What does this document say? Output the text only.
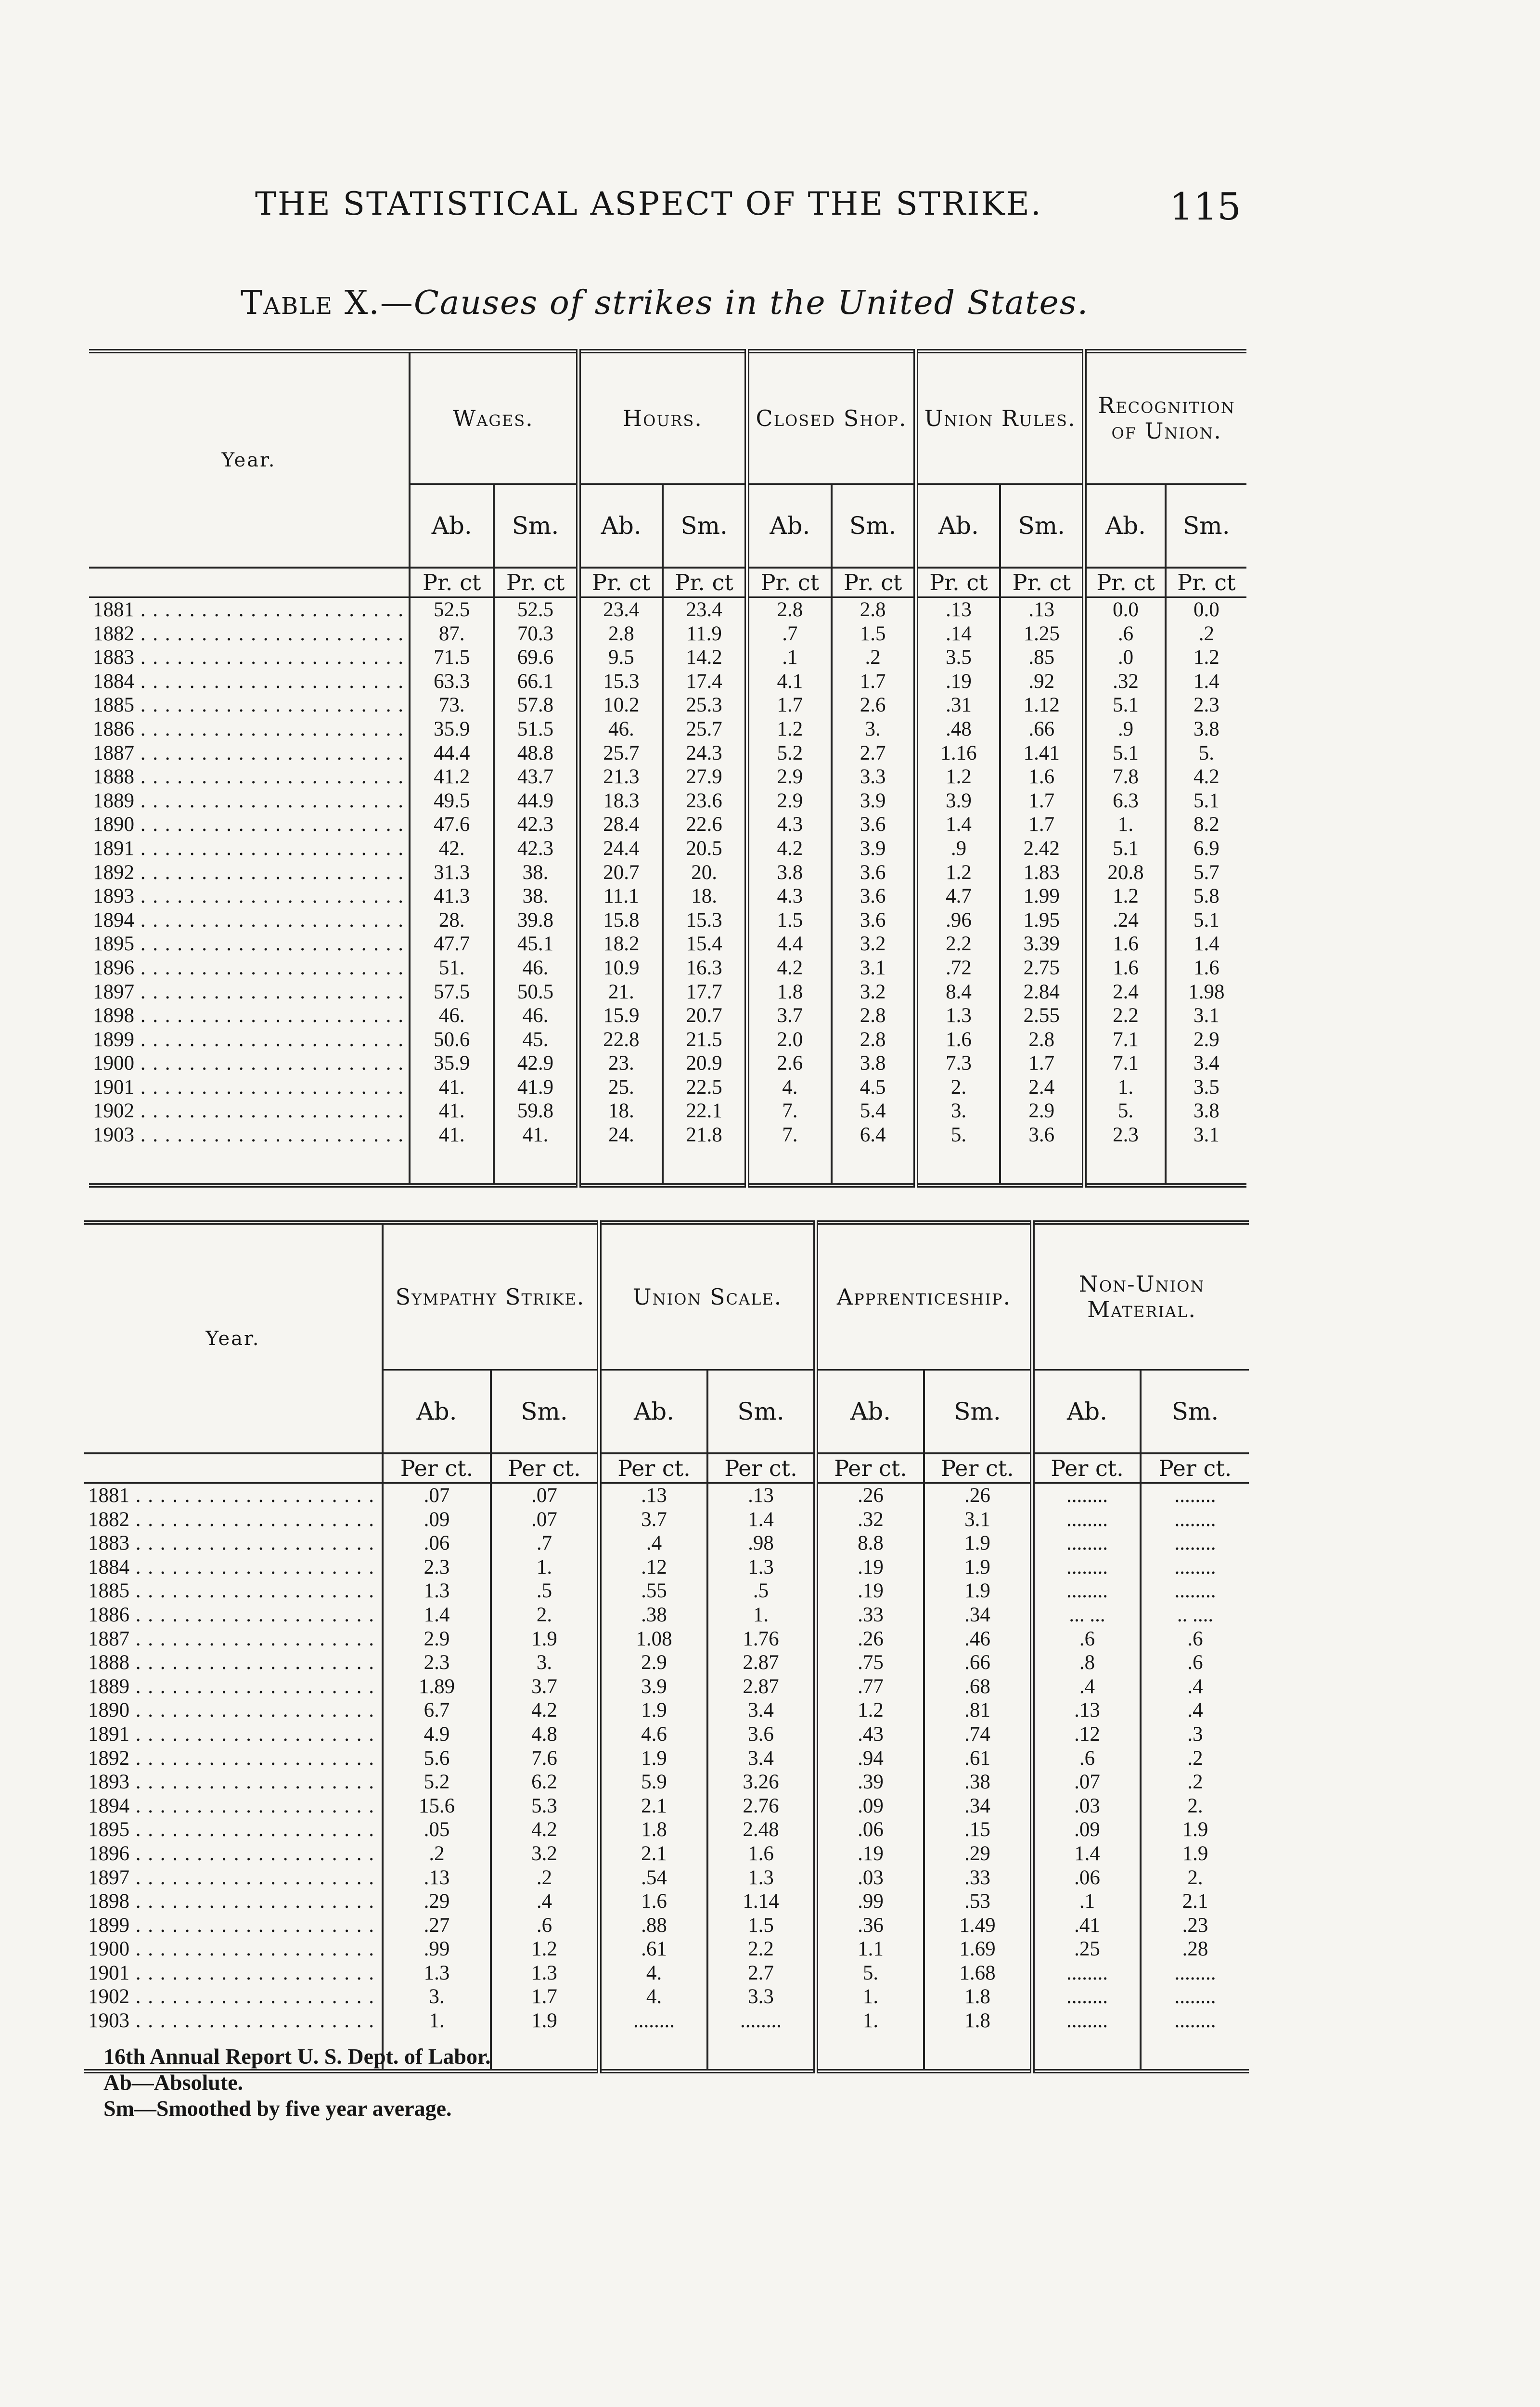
THE STATISTICAL ASPECT OF THE STRIKE.	115
Table X.—Causes of strikes in the United States.
Year.	Wages.		Hours.		Closed Shop.		Union Rules.		Recognition of Union.	
	Ab.	Sm.	Ab.	Sm.	Ab.	Sm.	Ab.	Sm.	Ab.	Sm.
	Pr. ct	Pr. ct	Pr. ct	Pr. ct	Pr. ct	Pr. ct	Pr. ct	Pr. ct	Pr. ct	Pr. ct
1881 . . .	52.5	52.5	23.4	23.4	2.8	2.8	.13	.13	0.0	0.0
1882 . . .	87.	70.3	2.8	11.9	.7	1.5	.14	1.25	.6	.2
1883 . . .	71.5	69.6	9.5	14.2	.1	.2	3.5	.85	.0	1.2
1884 . . .	63.3	66.1	15.3	17.4	4.1	1.7	.19	.92	.32	1.4
1885 . . .	73.	57.8	10.2	25.3	1.7	2.6	.31	1.12	5.1	2.3
1886 . . .	35.9	51.5	46.	25.7	1.2	3.	.48	.66	.9	3.8
1887 . . .	44.4	48.8	25.7	24.3	5.2	2.7	1.16	1.41	5.1	5.
1888 . . .	41.2	43.7	21.3	27.9	2.9	3.3	1.2	1.6	7.8	4.2
1889 . . .	49.5	44.9	18.3	23.6	2.9	3.9	3.9	1.7	6.3	5.1
1890 . . .	47.6	42.3	28.4	22.6	4.3	3.6	1.4	1.7	1.	8.2
1891 . . .	42.	42.3	24.4	20.5	4.2	3.9	.9	2.42	5.1	6.9
1892 . . .	31.3	38.	20.7	20.	3.8	3.6	1.2	1.83	20.8	5.7
1893 . . .	41.3	38.	11.1	18.	4.3	3.6	4.7	1.99	1.2	5.8
1894 . . .	28.	39.8	15.8	15.3	1.5	3.6	.96	1.95	.24	5.1
1895 . . .	47.7	45.1	18.2	15.4	4.4	3.2	2.2	3.39	1.6	1.4
1896 . . .	51.	46.	10.9	16.3	4.2	3.1	.72	2.75	1.6	1.6
1897 . . .	57.5	50.5	21.	17.7	1.8	3.2	8.4	2.84	2.4	1.98
1898 . . .	46.	46.	15.9	20.7	3.7	2.8	1.3	2.55	2.2	3.1
1899 . . .	50.6	45.	22.8	21.5	2.0	2.8	1.6	2.8	7.1	2.9
1900 . . .	35.9	42.9	23.	20.9	2.6	3.8	7.3	1.7	7.1	3.4
1901 . . .	41.	41.9	25.	22.5	4.	4.5	2.	2.4	1.	3.5
1902 . . .	41.	59.8	18.	22.1	7.	5.4	3.	2.9	5.	3.8
1903 . . .	41.	41.	24.	21.8	7.	6.4	5.	3.6	2.3	3.1

Year.	Sympathy Strike.		Union Scale.		Apprenticeship.		Non-Union Material.	
	Ab.	Sm.	Ab.	Sm.	Ab.	Sm.	Ab.	Sm.
	Per ct.	Per ct.	Per ct.	Per ct.	Per ct.	Per ct.	Per ct.	Per ct.
1881 . . .	.07	.07	.13	.13	.26	.26	........	........
1882 . . .	.09	.07	3.7	1.4	.32	3.1	........	........
1883 . . .	.06	.7	.4	.98	8.8	1.9	........	........
1884 . . .	2.3	1.	.12	1.3	.19	1.9	........	........
1885 . . .	1.3	.5	.55	.5	.19	1.9	........	........
1886 . . .	1.4	2.	.38	1.	.33	.34	... ...	.. ....
1887 . . .	2.9	1.9	1.08	1.76	.26	.46	.6	.6
1888 . . .	2.3	3.	2.9	2.87	.75	.66	.8	.6
1889 . . .	1.89	3.7	3.9	2.87	.77	.68	.4	.4
1890 . . .	6.7	4.2	1.9	3.4	1.2	.81	.13	.4
1891 . . .	4.9	4.8	4.6	3.6	.43	.74	.12	.3
1892 . . .	5.6	7.6	1.9	3.4	.94	.61	.6	.2
1893 . . .	5.2	6.2	5.9	3.26	.39	.38	.07	.2
1894 . . .	15.6	5.3	2.1	2.76	.09	.34	.03	2.
1895 . . .	.05	4.2	1.8	2.48	.06	.15	.09	1.9
1896 . . .	.2	3.2	2.1	1.6	.19	.29	1.4	1.9
1897 . . .	.13	.2	.54	1.3	.03	.33	.06	2.
1898 . . .	.29	.4	1.6	1.14	.99	.53	.1	2.1
1899 . . .	.27	.6	.88	1.5	.36	1.49	.41	.23
1900 . . .	.99	1.2	.61	2.2	1.1	1.69	.25	.28
1901 . . .	1.3	1.3	4.	2.7	5.	1.68	........	........
1902 . . .	3.	1.7	4.	3.3	1.	1.8	........	........
1903 . . .	1.	1.9	........	........	1.	1.8	........	........

16th Annual Report U. S. Dept. of Labor.
Ab—Absolute.
Sm—Smoothed by five year average.
